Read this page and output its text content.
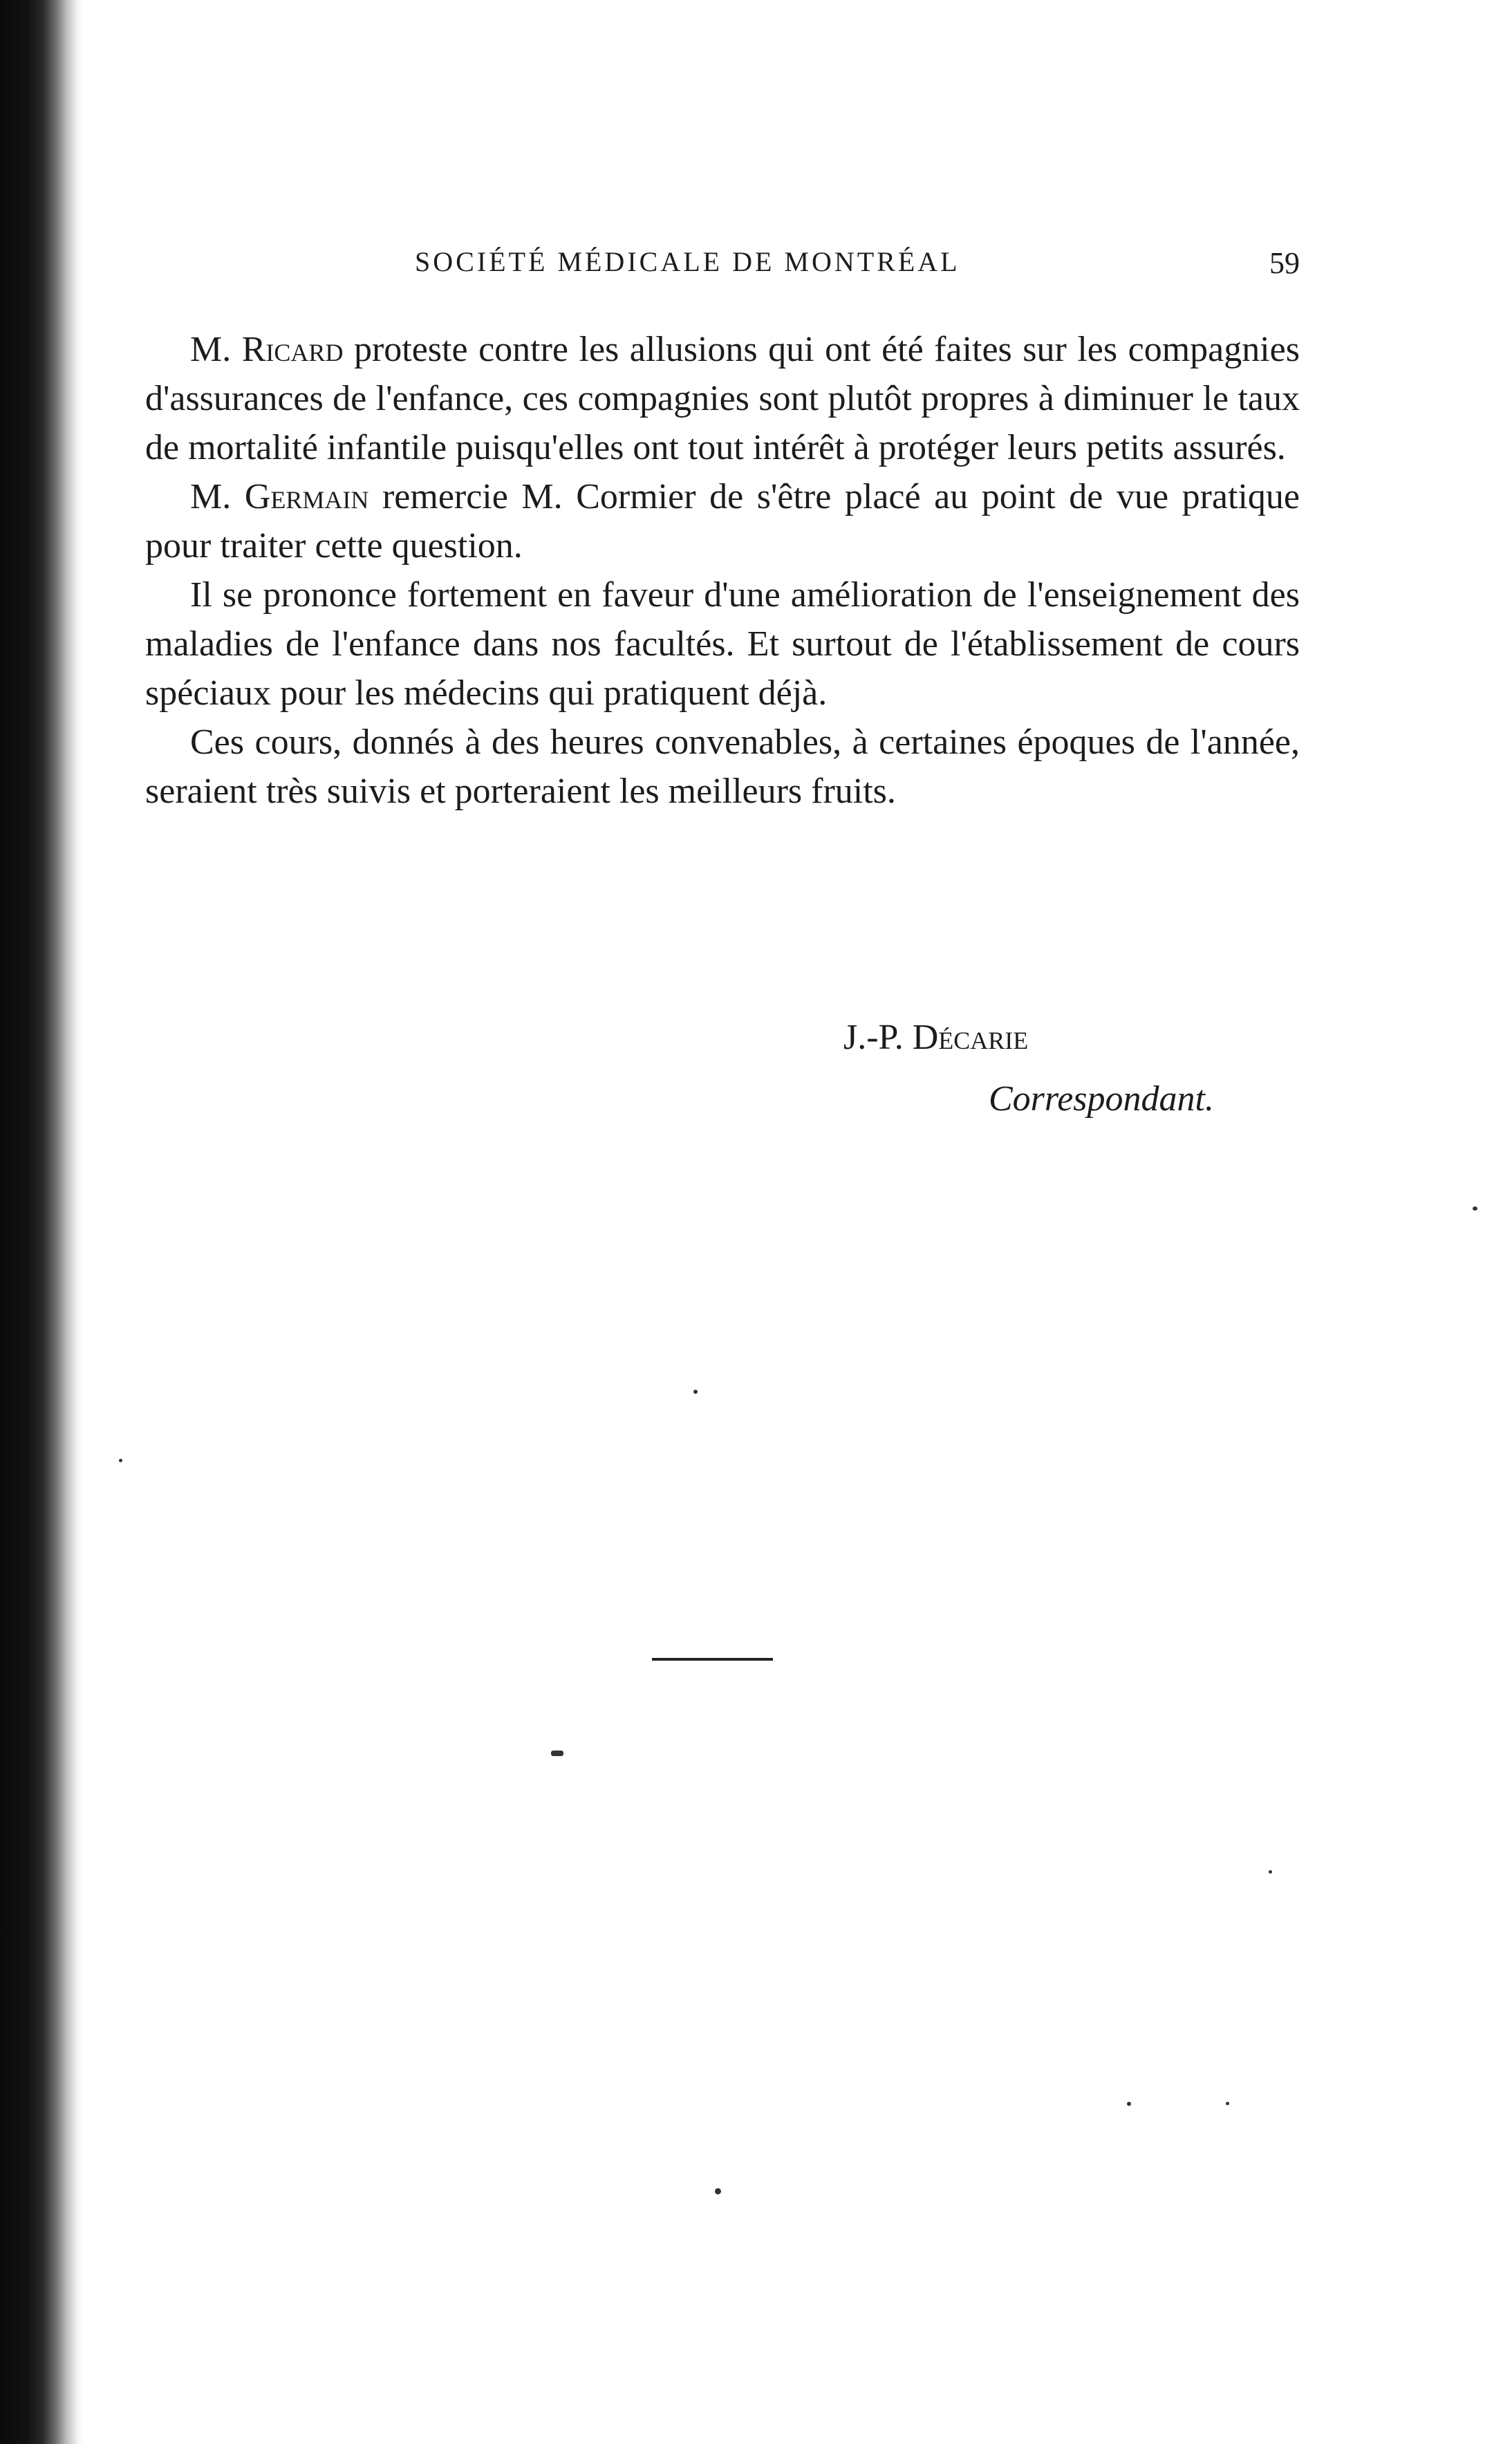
SOCIÉTÉ MÉDICALE DE MONTRÉAL	59

M. Ricard proteste contre les allusions qui ont été faites sur les compagnies d'assurances de l'enfance, ces compagnies sont plutôt propres à diminuer le taux de mortalité infantile puisqu'elles ont tout intérêt à protéger leurs petits assurés.

M. Germain remercie M. Cormier de s'être placé au point de vue pratique pour traiter cette question.

Il se prononce fortement en faveur d'une amélioration de l'enseignement des maladies de l'enfance dans nos facultés. Et surtout de l'établissement de cours spéciaux pour les médecins qui pratiquent déjà.

Ces cours, donnés à des heures convenables, à certaines époques de l'année, seraient très suivis et porteraient les meilleurs fruits.

J.-P. Décarie
Correspondant.
